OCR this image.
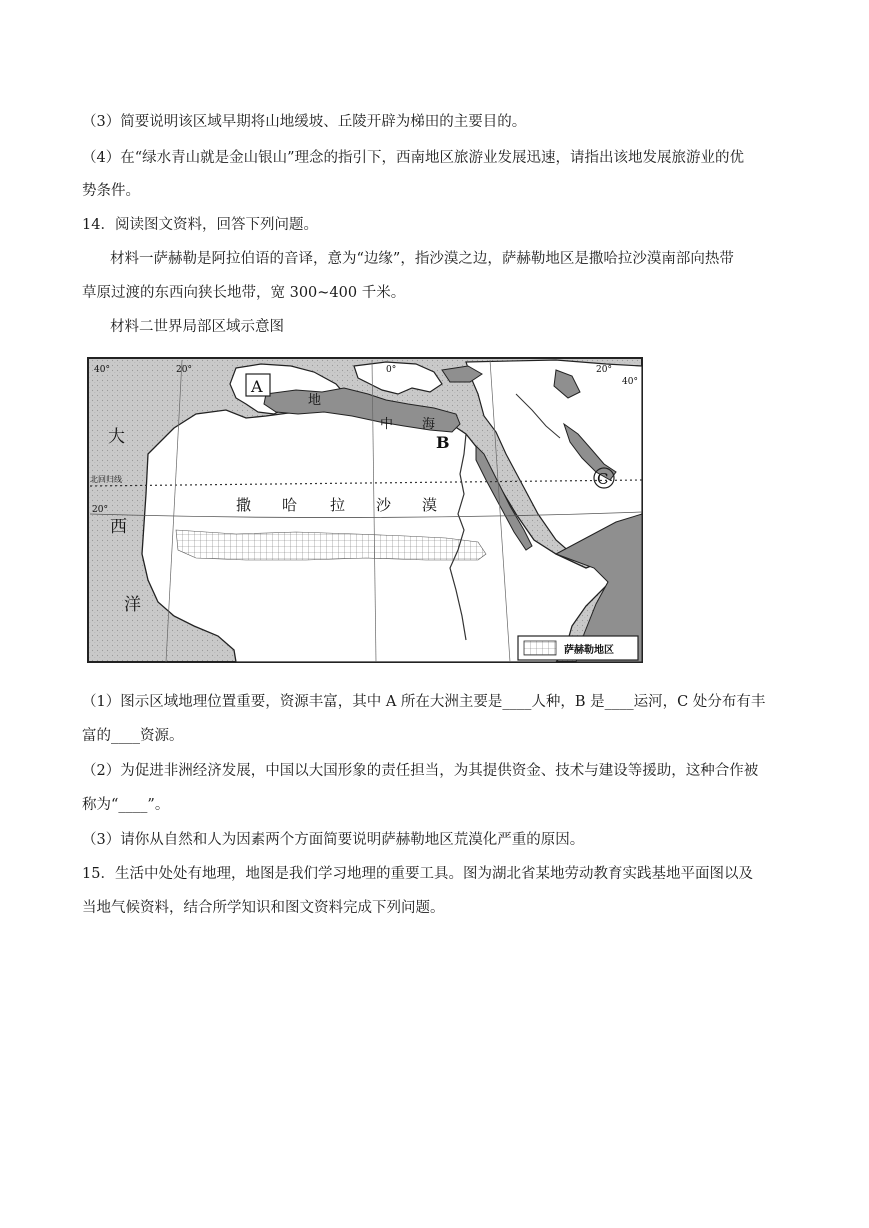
（3）简要说明该区域早期将山地缓坡、丘陵开辟为梯田的主要目的。
（4）在“绿水青山就是金山银山”理念的指引下，西南地区旅游业发展迅速，请指出该地发展旅游业的优
势条件。
14．阅读图文资料，回答下列问题。
材料一萨赫勒是阿拉伯语的音译，意为“边缘”，指沙漠之边，萨赫勒地区是撒哈拉沙漠南部向热带
草原过渡的东西向狭长地带，宽 300~400 千米。
材料二世界局部区域示意图
40°	20°	0°	20°
40°
20°
北回归线
大
西
洋
地
中 海
撒 哈 拉 沙 漠
A
B
C
萨赫勒地区
（1）图示区域地理位置重要，资源丰富，其中 A 所在大洲主要是____人种，B 是____运河，C 处分布有丰
富的____资源。
（2）为促进非洲经济发展，中国以大国形象的责任担当，为其提供资金、技术与建设等援助，这种合作被
称为“____”。
（3）请你从自然和人为因素两个方面简要说明萨赫勒地区荒漠化严重的原因。
15．生活中处处有地理，地图是我们学习地理的重要工具。图为湖北省某地劳动教育实践基地平面图以及
当地气候资料，结合所学知识和图文资料完成下列问题。
